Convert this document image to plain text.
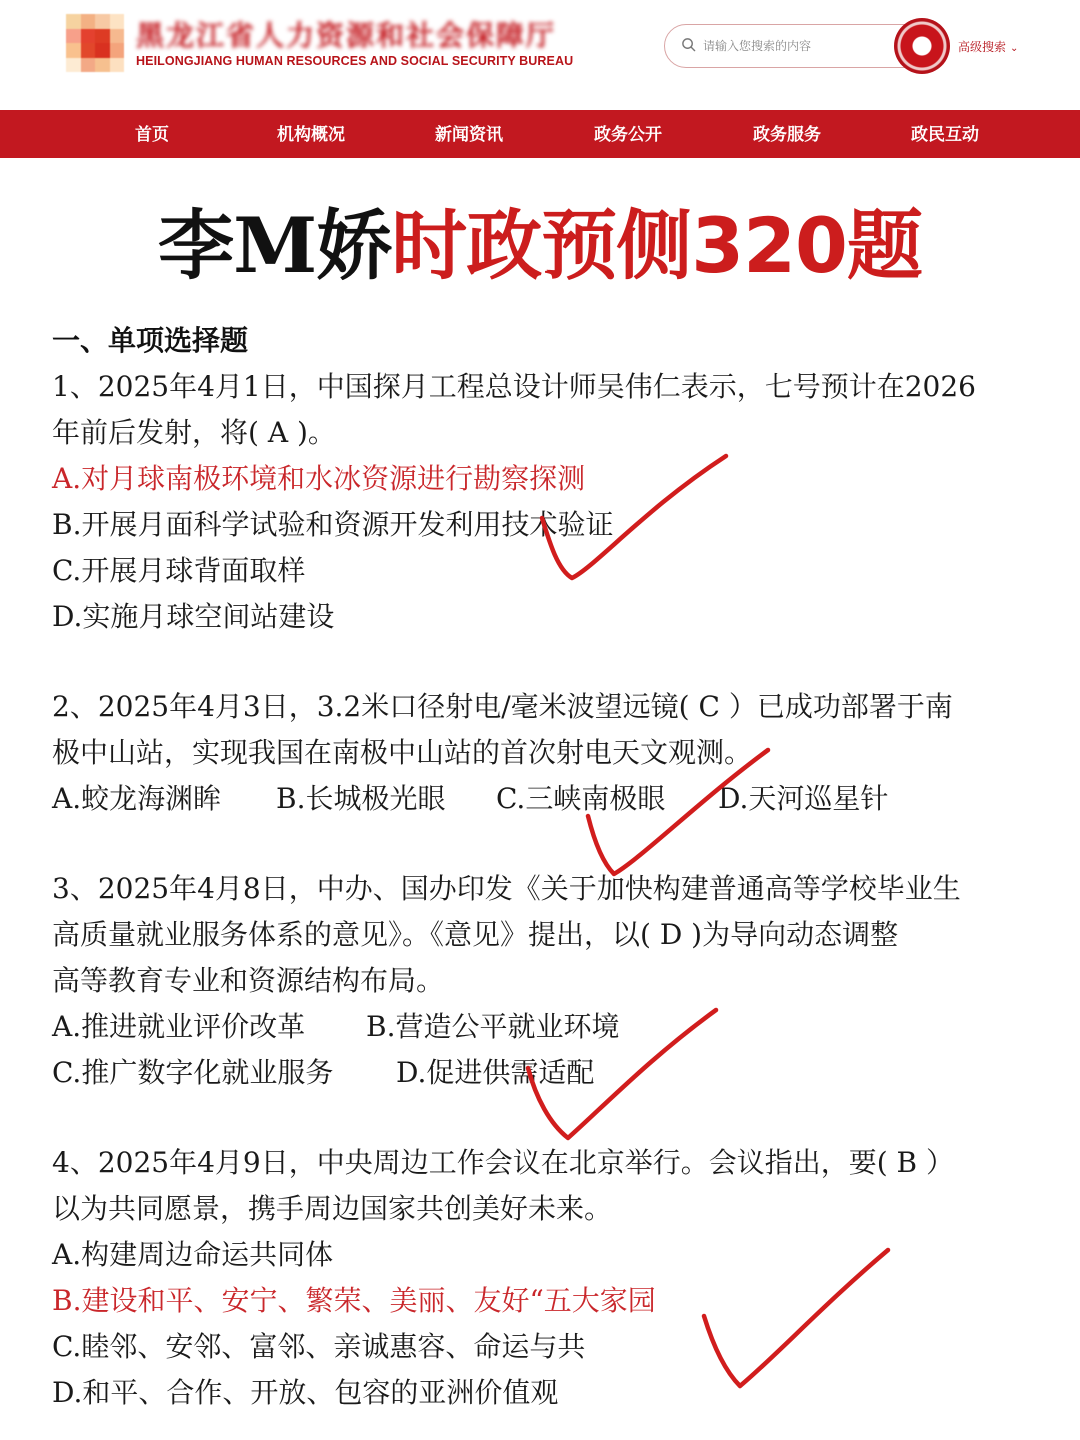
黑龙江省人力资源和社会保障厅
HEILONGJIANG HUMAN RESOURCES AND SOCIAL SECURITY BUREAU
请输入您搜索的内容
高级搜索 ⌄
首页	机构概况	新闻资讯	政务公开	政务服务	政民互动
李M娇时政预侧320题
一、单项选择题
1、2025年4月1日，中国探月工程总设计师吴伟仁表示，七号预计在2026
年前后发射，将( A )。
A.对月球南极环境和水冰资源进行勘察探测
B.开展月面科学试验和资源开发利用技术验证
C.开展月球背面取样
D.实施月球空间站建设
2、2025年4月3日，3.2米口径射电/毫米波望远镜( C ）已成功部署于南
极中山站，实现我国在南极中山站的首次射电天文观测。
A.蛟龙海渊眸 B.长城极光眼 C.三峡南极眼 D.天河巡星针
3、2025年4月8日，中办、国办印发《关于加快构建普通高等学校毕业生
高质量就业服务体系的意见》。《意见》提出，以( D )为导向动态调整
高等教育专业和资源结构布局。
A.推进就业评价改革 B.营造公平就业环境
C.推广数字化就业服务 D.促进供需适配
4、2025年4月9日，中央周边工作会议在北京举行。会议指出，要( B ）
以为共同愿景，携手周边国家共创美好未来。
A.构建周边命运共同体
B.建设和平、安宁、繁荣、美丽、友好“五大家园
C.睦邻、安邻、富邻、亲诚惠容、命运与共
D.和平、合作、开放、包容的亚洲价值观
